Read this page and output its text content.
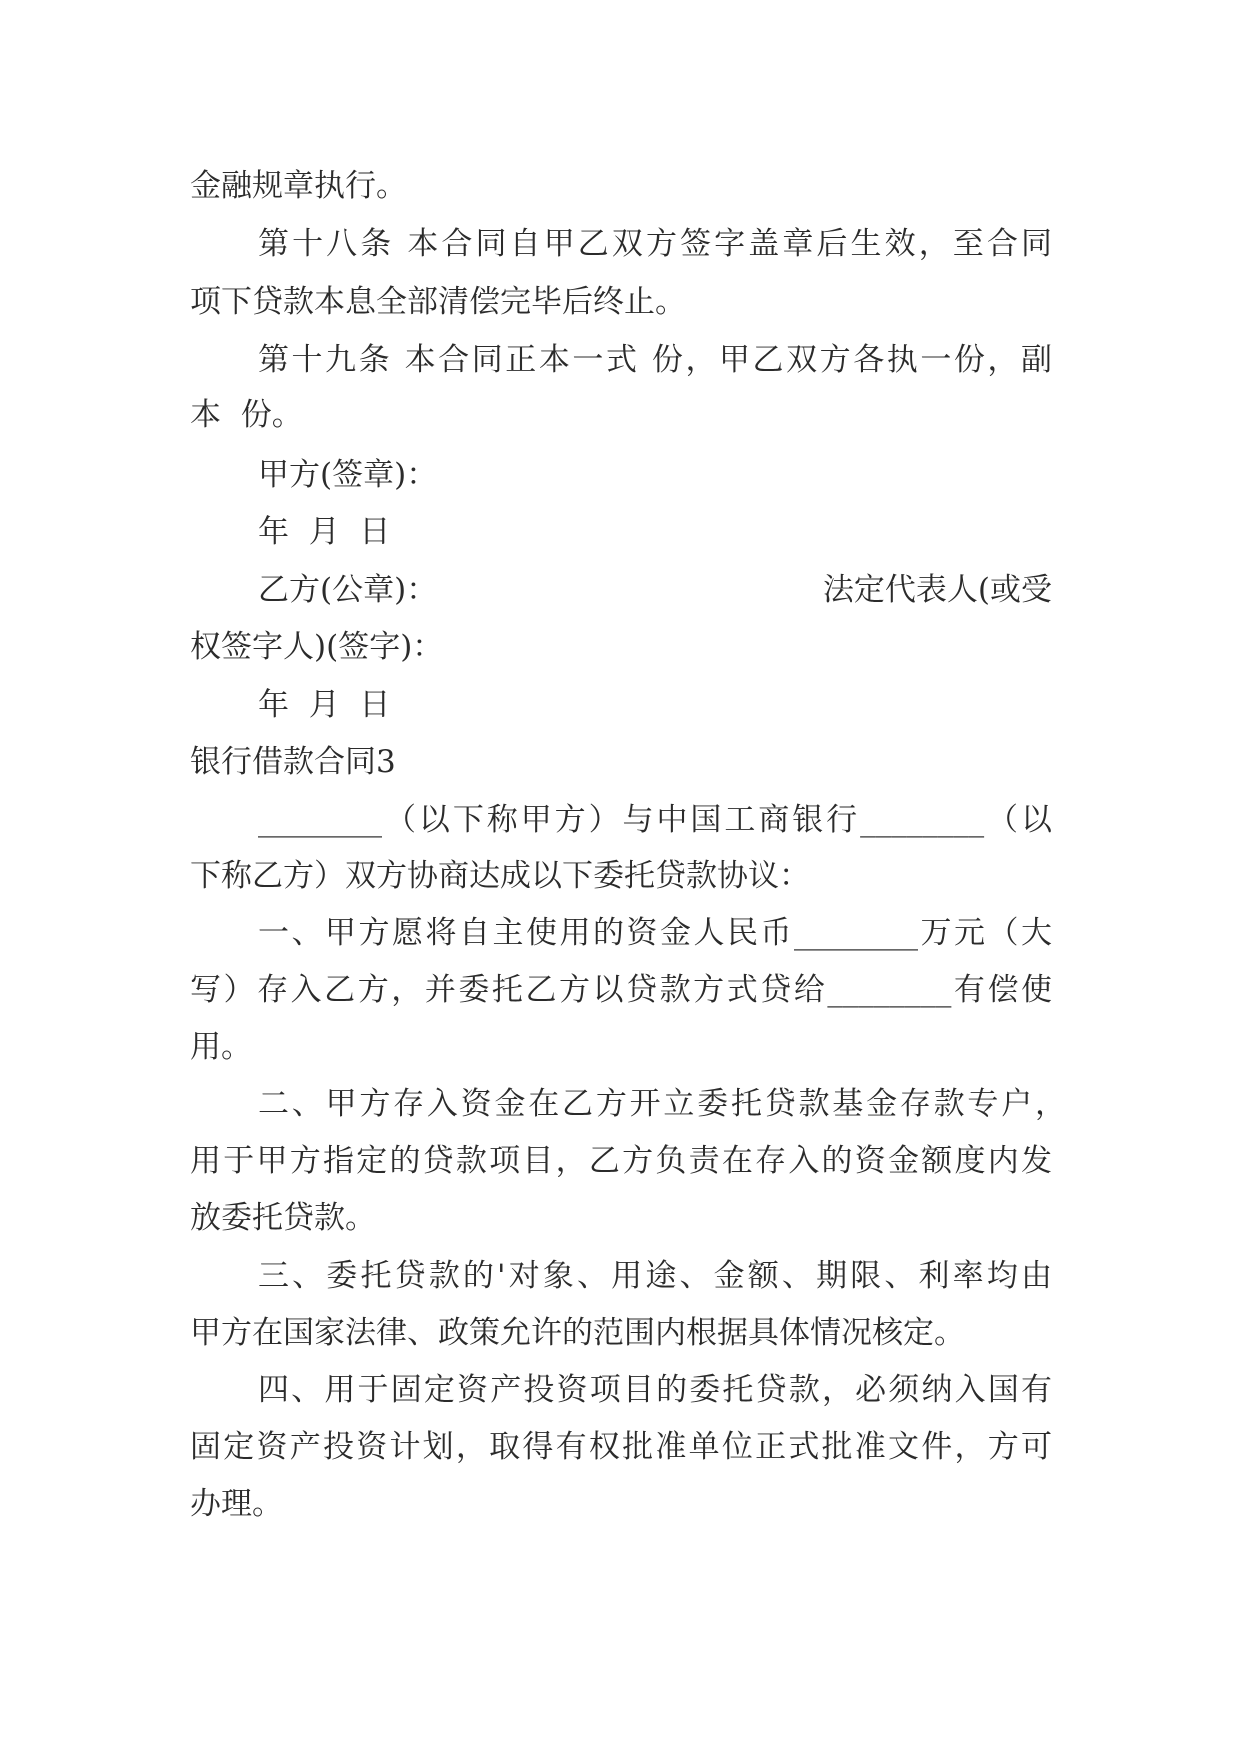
金融规章执行。
第十八条 本合同自甲乙双方签字盖章后生效，至合同
项下贷款本息全部清偿完毕后终止。
第十九条 本合同正本一式 份，甲乙双方各执一份，副
本  份。
甲方(签章)：
年  月  日
乙方(公章)：	法定代表人(或受
权签字人)(签字)：
年  月  日
银行借款合同3
________（以下称甲方）与中国工商银行________（以
下称乙方）双方协商达成以下委托贷款协议：
一、甲方愿将自主使用的资金人民币________万元（大
写）存入乙方，并委托乙方以贷款方式贷给________有偿使
用。
二、甲方存入资金在乙方开立委托贷款基金存款专户，
用于甲方指定的贷款项目，乙方负责在存入的资金额度内发
放委托贷款。
三、委托贷款的'对象、用途、金额、期限、利率均由
甲方在国家法律、政策允许的范围内根据具体情况核定。
四、用于固定资产投资项目的委托贷款，必须纳入国有
固定资产投资计划，取得有权批准单位正式批准文件，方可
办理。
